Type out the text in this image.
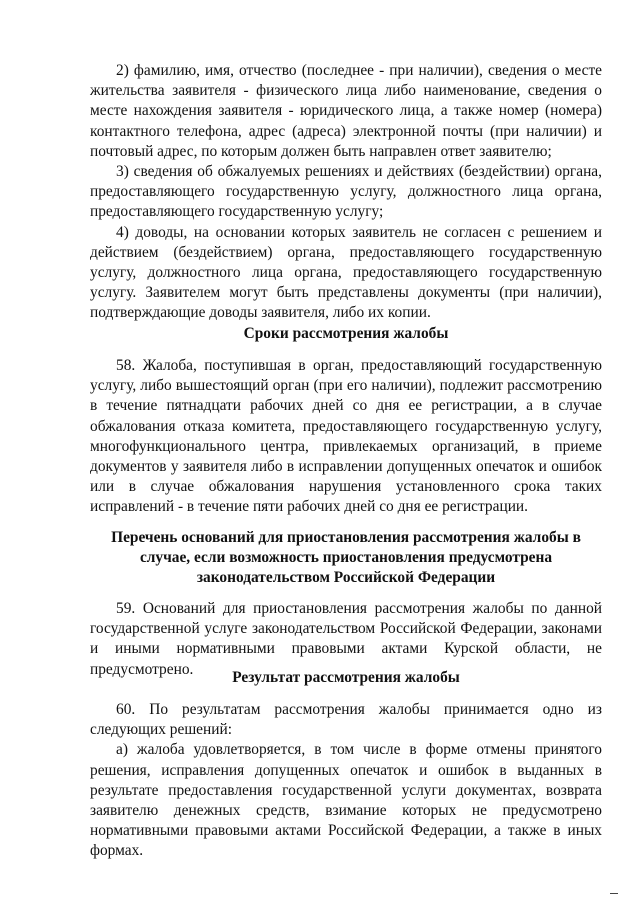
2) фамилию, имя, отчество (последнее - при наличии), сведения о месте жительства заявителя - физического лица либо наименование, сведения о месте нахождения заявителя - юридического лица, а также номер (номера) контактного телефона, адрес (адреса) электронной почты (при наличии) и почтовый адрес, по которым должен быть направлен ответ заявителю;

3) сведения об обжалуемых решениях и действиях (бездействии) органа, предоставляющего государственную услугу, должностного лица органа, предоставляющего государственную услугу;

4) доводы, на основании которых заявитель не согласен с решением и действием (бездействием) органа, предоставляющего государственную услугу, должностного лица органа, предоставляющего государственную услугу. Заявителем могут быть представлены документы (при наличии), подтверждающие доводы заявителя, либо их копии.

Сроки рассмотрения жалобы

58. Жалоба, поступившая в орган, предоставляющий государственную услугу, либо вышестоящий орган (при его наличии), подлежит рассмотрению в течение пятнадцати рабочих дней со дня ее регистрации, а в случае обжалования отказа комитета, предоставляющего государственную услугу, многофункционального центра, привлекаемых организаций, в приеме документов у заявителя либо в исправлении допущенных опечаток и ошибок или в случае обжалования нарушения установленного срока таких исправлений - в течение пяти рабочих дней со дня ее регистрации.

Перечень оснований для приостановления рассмотрения жалобы в
случае, если возможность приостановления предусмотрена
законодательством Российской Федерации

59. Оснований для приостановления рассмотрения жалобы по данной государственной услуге законодательством Российской Федерации, законами и иными нормативными правовыми актами Курской области, не предусмотрено.	Результат рассмотрения жалобы

60. По результатам рассмотрения жалобы принимается одно из следующих решений:

а) жалоба удовлетворяется, в том числе в форме отмены принятого решения, исправления допущенных опечаток и ошибок в выданных в результате предоставления государственной услуги документах, возврата заявителю денежных средств, взимание которых не предусмотрено нормативными правовыми актами Российской Федерации, а также в иных формах.
